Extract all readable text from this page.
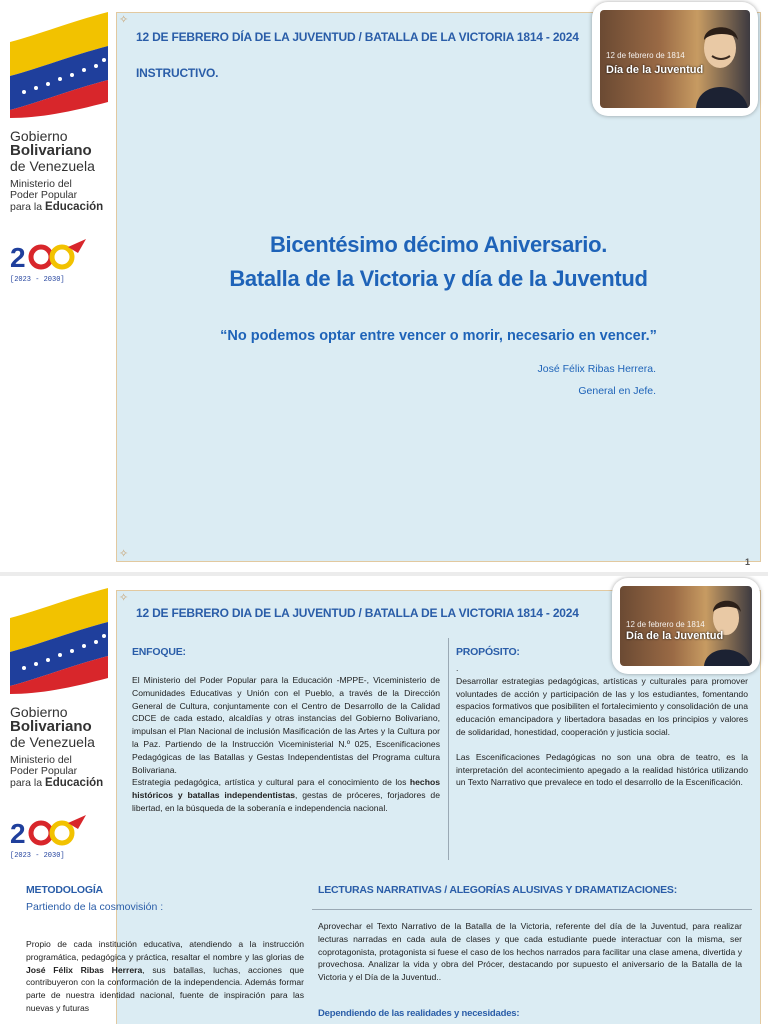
✧
✧
Gobierno
Bolivariano
de Venezuela
Ministerio del
Poder Popular
para la Educación
2
[2023 - 2030]
12 DE FEBRERO DÍA DE LA JUVENTUD / BATALLA DE LA VICTORIA 1814 - 2024
INSTRUCTIVO.
12 de febrero de 1814
Día de la Juventud
Bicentésimo décimo Aniversario.
Batalla de la Victoria y día de la Juventud
“No podemos optar entre vencer o morir, necesario en vencer.”
José Félix Ribas Herrera.
General en Jefe.
1
✧
Gobierno
Bolivariano
de Venezuela
Ministerio del
Poder Popular
para la Educación
2
[2023 - 2030]
12 DE FEBRERO DIA DE LA JUVENTUD / BATALLA DE LA VICTORIA 1814 - 2024
12 de febrero de 1814
Día de la Juventud
ENFOQUE:
El Ministerio del Poder Popular para la Educación -MPPE-, Viceministerio de Comunidades Educativas y Unión con el Pueblo, a través de la Dirección General de Cultura, conjuntamente con el Centro de Desarrollo de la Calidad CDCE de cada estado, alcaldías y otras instancias del Gobierno Bolivariano, impulsan el Plan Nacional de inclusión Masificación de las Artes y la Cultura por la Paz. Partiendo de la Instrucción Viceministerial N.º 025, Escenificaciones Pedagógicas de las Batallas y Gestas Independentistas del Programa cultura Bolivariana.
Estrategia pedagógica, artística y cultural para el conocimiento de los hechos históricos y batallas independentistas, gestas de próceres, forjadores de libertad, en la búsqueda de la soberanía e independencia nacional.
PROPÓSITO:
.
Desarrollar estrategias pedagógicas, artísticas y culturales para promover voluntades de acción y participación de las y los estudiantes, fomentando espacios formativos que posibiliten el fortalecimiento y consolidación de una educación emancipadora y libertadora basadas en los principios y valores de solidaridad, honestidad, cooperación y justicia social.
Las Escenificaciones Pedagógicas no son una obra de teatro, es la interpretación del acontecimiento apegado a la realidad histórica utilizando un Texto Narrativo que prevalece en todo el desarrollo de la Escenificación.
METODOLOGÍA
Partiendo de la cosmovisión :
Propio de cada institución educativa, atendiendo a la instrucción programática, pedagógica y práctica, resaltar el nombre y las glorias de José Félix Ribas Herrera, sus batallas, luchas, acciones que contribuyeron con la conformación de la independencia. Además formar parte de nuestra identidad nacional, fuente de inspiración para las nuevas y futuras
LECTURAS NARRATIVAS / ALEGORÍAS ALUSIVAS Y DRAMATIZACIONES:
Aprovechar el Texto Narrativo de la Batalla de la Victoria, referente del día de la Juventud, para realizar lecturas narradas en cada aula de clases y que cada estudiante puede interactuar con la misma, ser coprotagonista, protagonista si fuese el caso de los hechos narrados para facilitar una clase amena, divertida y provechosa. Analizar la vida y obra del Prócer, destacando por supuesto el aniversario de la Batalla de la Victoria y el Día de la Juventud..
Dependiendo de las realidades y necesidades:
